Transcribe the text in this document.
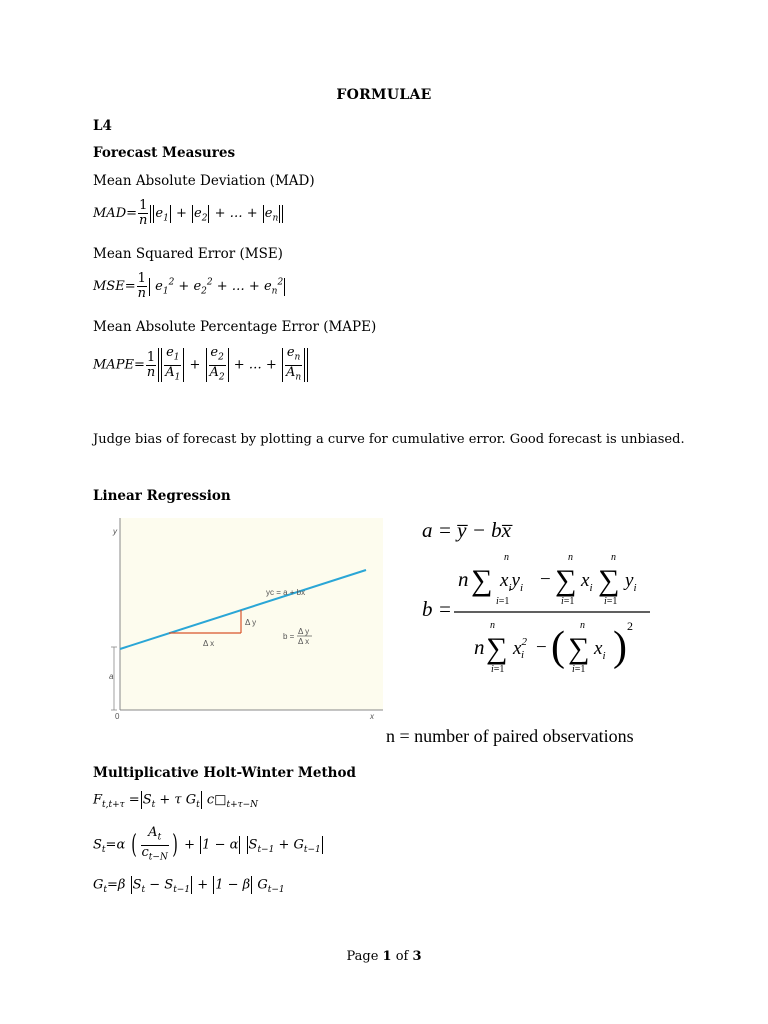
FORMULAE
L4
Forecast Measures
Mean Absolute Deviation (MAD)
$MAD= \frac{1}{n} e_1 + e_2$ + … + $e_n$
Mean Squared Error (MSE)
$MSE= \frac{1}{n} e_1^2 + e_2^2$ + … + $e_n^2$
Mean Absolute Percentage Error (MAPE)
MAPE= $\frac{1}{n} \frac{e_1}{A_1} + \frac{e_2}{A_2}$ + … + $\frac{e_n}{A_n}$
Judge bias of forecast by plotting a curve for cumulative error. Good forecast is unbiased.
Linear Regression
y
x
0
a
yc = a + bx
Δ y
Δ x
b =
Δ y
Δ x
a = y̅ − bx̅
b =
n
n ∑
i=1
$x_iy_i$ −
n
∑
i=1
$x_i$
n
∑
i=1
$y_i$
n
n ∑
i=1
$x^2$ i − ( n
∑
i=1
$x_i$ ) 2
n = number of paired observations
Multiplicative Holt-Winter Method
$F_{t,t+\tau} = S_t + \tau$ $G_t$ $c□_{t+\tau-N}$
$S_t=\alpha$ ( $\frac{A_t}{c_{t-N}}$ ) + 1 − α $S_{t-1} + G_{t-1}$
$G_t=\beta$ $S_t - S_{t-1} + 1 - \beta$ $G_{t-1}$
Page 1 of 3
